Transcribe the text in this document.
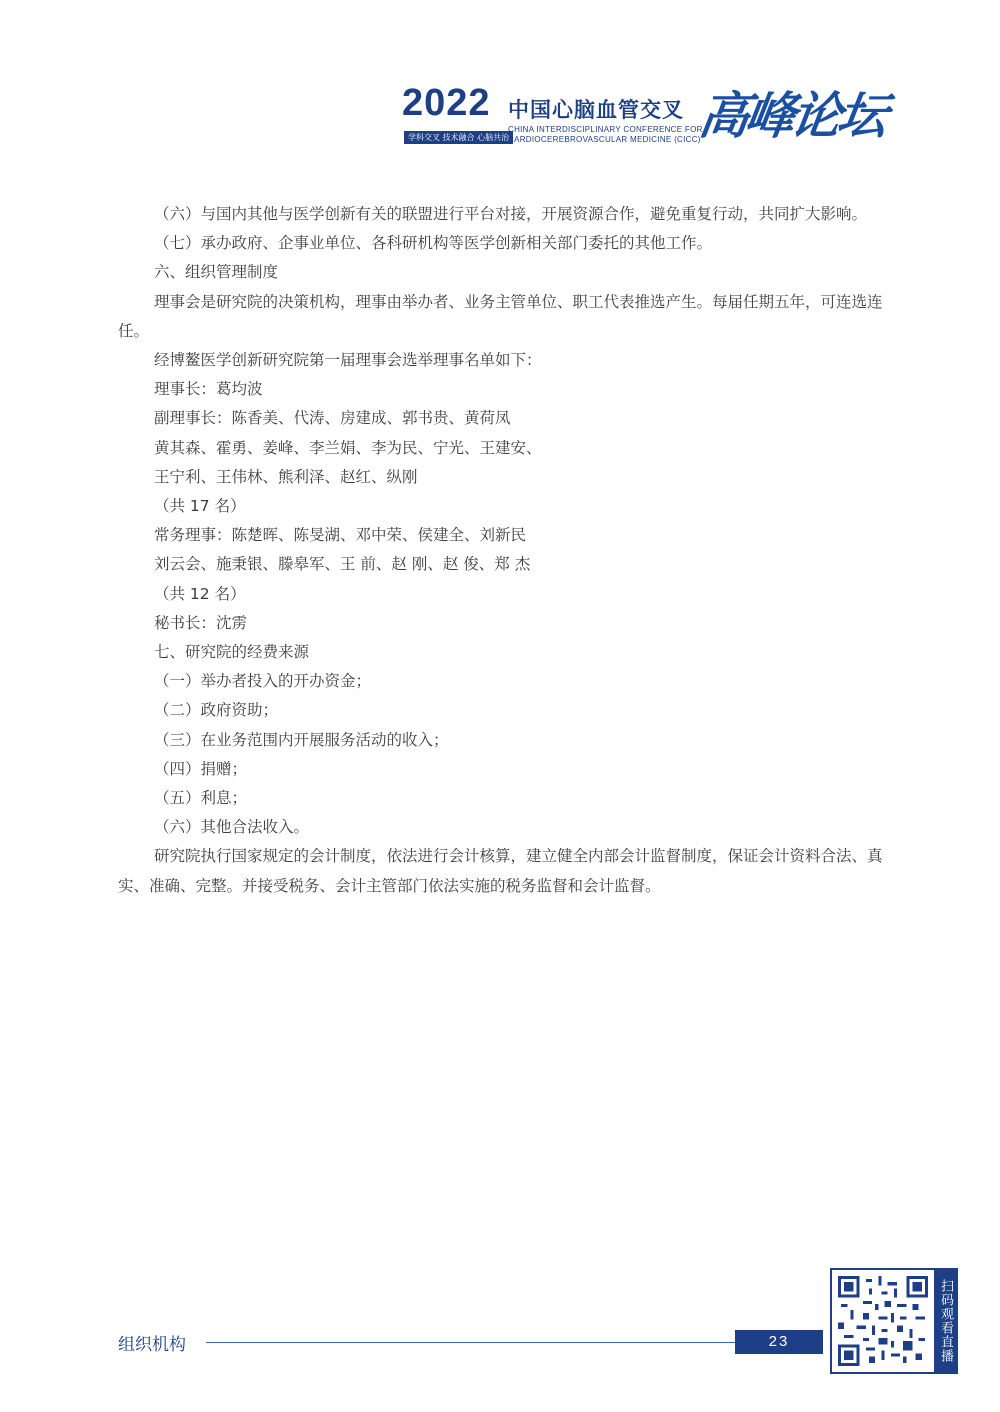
2022
学科交叉 技术融合 心脑共治
中国心脑血管交叉
CHINA INTERDISCIPLINARY CONFERENCE FOR
CARDIOCEREBROVASCULAR MEDICINE (CICC)
高峰论坛

（六）与国内其他与医学创新有关的联盟进行平台对接，开展资源合作，避免重复行动，共同扩大影响。

（七）承办政府、企事业单位、各科研机构等医学创新相关部门委托的其他工作。

六、组织管理制度

理事会是研究院的决策机构，理事由举办者、业务主管单位、职工代表推选产生。每届任期五年，可连选连任。

经博鳌医学创新研究院第一届理事会选举理事名单如下：

理事长：葛均波

副理事长：陈香美、代涛、房建成、郭书贵、黄荷凤

黄其森、霍勇、姜峰、李兰娟、李为民、宁光、王建安、

王宁利、王伟林、熊利泽、赵红、纵刚

（共 17 名）

常务理事：陈楚晖、陈旻湖、邓中荣、侯建全、刘新民

刘云会、施秉银、滕皋军、王 前、赵 刚、赵 俊、郑 杰

（共 12 名）

秘书长：沈雳

七、研究院的经费来源

（一）举办者投入的开办资金；

（二）政府资助；

（三）在业务范围内开展服务活动的收入；

（四）捐赠；

（五）利息；

（六）其他合法收入。

研究院执行国家规定的会计制度，依法进行会计核算，建立健全内部会计监督制度，保证会计资料合法、真实、准确、完整。并接受税务、会计主管部门依法实施的税务监督和会计监督。

组织机构	23	扫码观看直播
